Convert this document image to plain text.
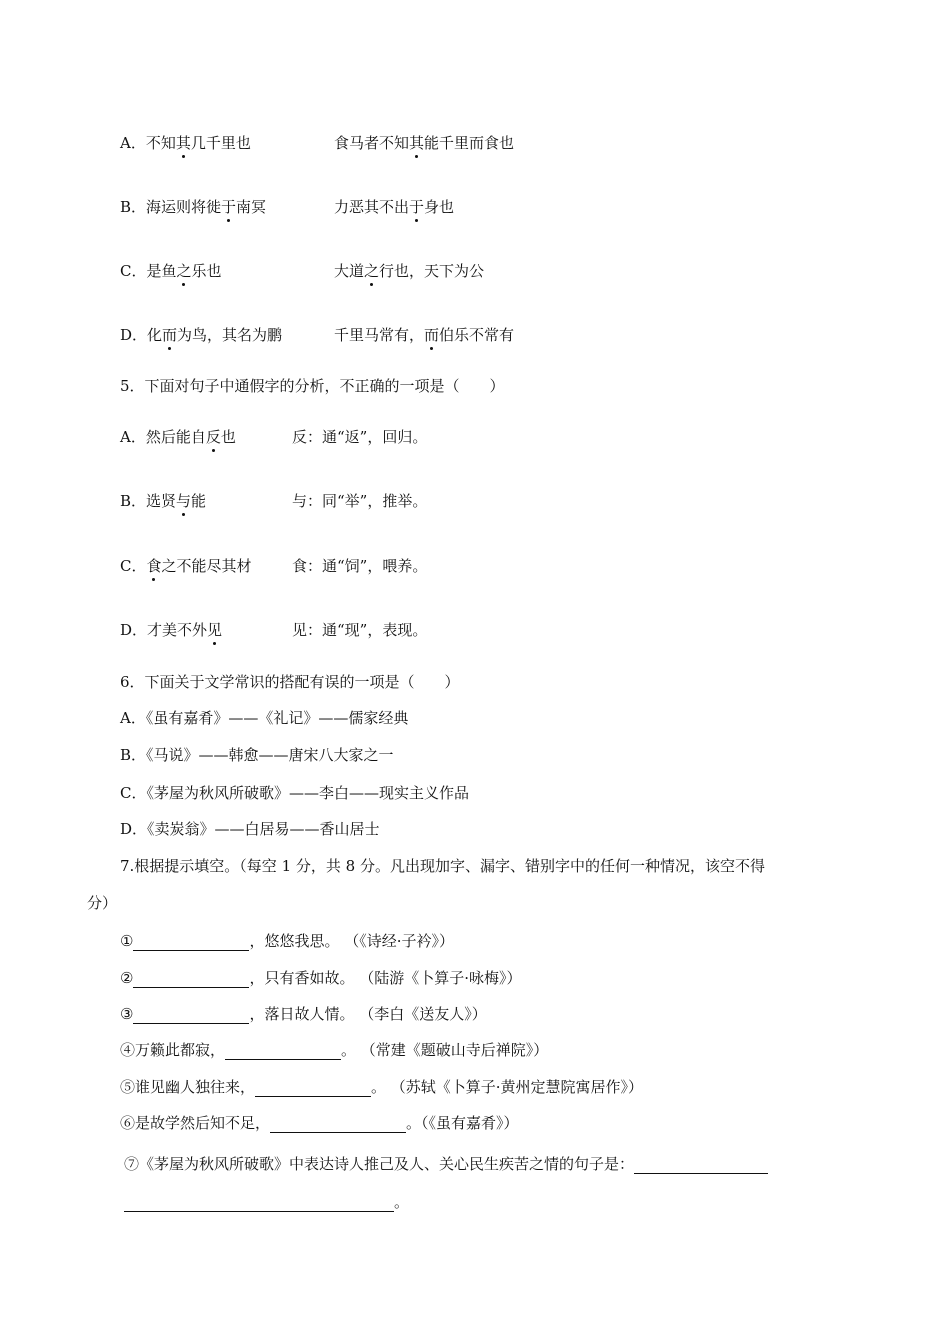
A．不知其几千里也	食马者不知其能千里而食也
B．海运则将徙于南冥	力恶其不出于身也
C．是鱼之乐也	大道之行也，天下为公
D．化而为鸟，其名为鹏	千里马常有，而伯乐不常有
5．下面对句子中通假字的分析，不正确的一项是（　　）
A．然后能自反也	反：通“返”，回归。
B．选贤与能	与：同“举”，推举。
C．食之不能尽其材	食：通“饲”，喂养。
D．才美不外见	见：通“现”，表现。
6．下面关于文学常识的搭配有误的一项是（　　）
A．《虽有嘉肴》——《礼记》——儒家经典
B．《马说》——韩愈——唐宋八大家之一
C．《茅屋为秋风所破歌》——李白——现实主义作品
D．《卖炭翁》——白居易——香山居士
7.根据提示填空。（每空 1 分，共 8 分。凡出现加字、漏字、错别字中的任何一种情况，该空不得
分）
①	，悠悠我思。 （《诗经·子衿》）
②	，只有香如故。 （陆游《卜算子·咏梅》）
③	，落日故人情。 （李白《送友人》）
④万籁此都寂，	。 （常建《题破山寺后禅院》）
⑤谁见幽人独往来，	。 （苏轼《卜算子·黄州定慧院寓居作》）
⑥是故学然后知不足，	。（《虽有嘉肴》）
⑦《茅屋为秋风所破歌》中表达诗人推己及人、关心民生疾苦之情的句子是：
。
